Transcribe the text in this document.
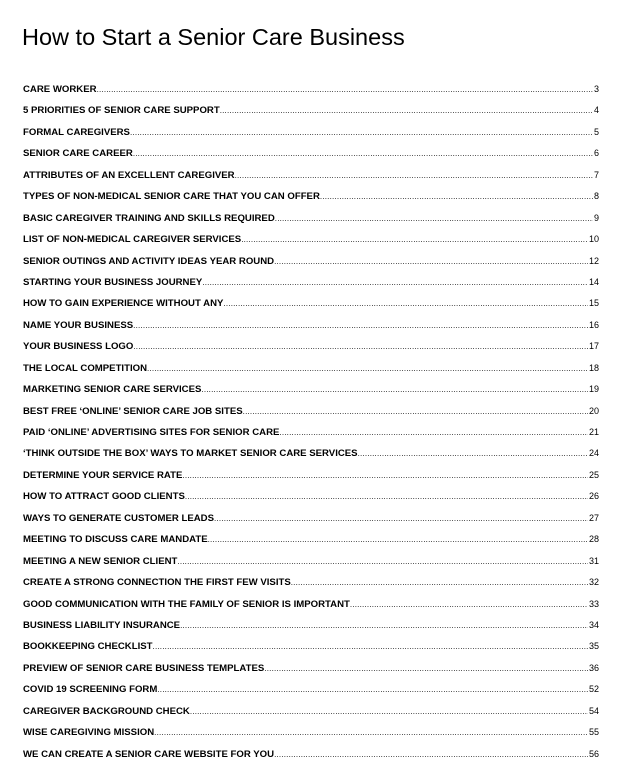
How to Start a Senior Care Business
CARE WORKER .....	3
5 PRIORITIES OF SENIOR CARE SUPPORT .....	4
FORMAL CAREGIVERS .....	5
SENIOR CARE CAREER .....	6
ATTRIBUTES OF AN EXCELLENT CAREGIVER .....	7
TYPES OF NON-MEDICAL SENIOR CARE THAT YOU CAN OFFER .....	8
BASIC CAREGIVER TRAINING AND SKILLS REQUIRED .....	9
LIST OF NON-MEDICAL CAREGIVER SERVICES .....	10
SENIOR OUTINGS AND ACTIVITY IDEAS YEAR ROUND .....	12
STARTING YOUR BUSINESS JOURNEY .....	14
HOW TO GAIN EXPERIENCE WITHOUT ANY .....	15
NAME YOUR BUSINESS .....	16
YOUR BUSINESS LOGO .....	17
THE LOCAL COMPETITION .....	18
MARKETING SENIOR CARE SERVICES .....	19
BEST FREE ‘ONLINE’ SENIOR CARE JOB SITES .....	20
PAID ‘ONLINE’ ADVERTISING SITES FOR SENIOR CARE .....	21
‘THINK OUTSIDE THE BOX’ WAYS TO MARKET SENIOR CARE SERVICES .....	24
DETERMINE YOUR SERVICE RATE .....	25
HOW TO ATTRACT GOOD CLIENTS .....	26
WAYS TO GENERATE CUSTOMER LEADS .....	27
MEETING TO DISCUSS CARE MANDATE .....	28
MEETING A NEW SENIOR CLIENT .....	31
CREATE A STRONG CONNECTION THE FIRST FEW VISITS .....	32
GOOD COMMUNICATION WITH THE FAMILY OF SENIOR IS IMPORTANT .....	33
BUSINESS LIABILITY INSURANCE .....	34
BOOKKEEPING CHECKLIST .....	35
PREVIEW OF SENIOR CARE BUSINESS TEMPLATES .....	36
COVID 19 SCREENING FORM .....	52
CAREGIVER BACKGROUND CHECK .....	54
WISE CAREGIVING MISSION .....	55
WE CAN CREATE A SENIOR CARE WEBSITE FOR YOU .....	56
